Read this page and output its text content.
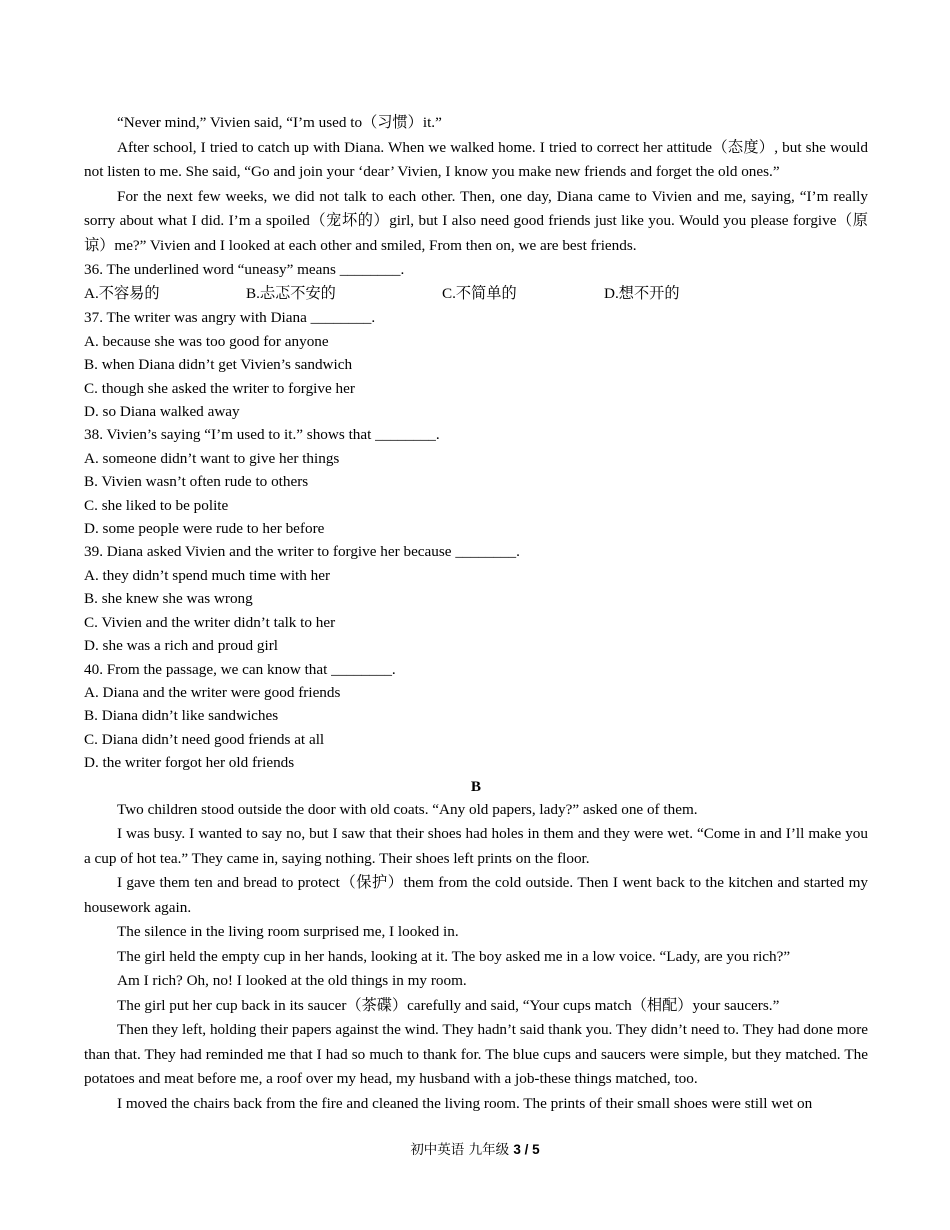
“Never mind,” Vivien said, “I’m used to（习惯）it.”

After school, I tried to catch up with Diana. When we walked home. I tried to correct her attitude（态度）, but she would not listen to me. She said, “Go and join your ‘dear’ Vivien, I know you make new friends and forget the old ones.”

For the next few weeks, we did not talk to each other. Then, one day, Diana came to Vivien and me, saying, “I’m really sorry about what I did. I’m a spoiled（宠坏的）girl, but I also need good friends just like you. Would you please forgive（原谅）me?” Vivien and I looked at each other and smiled, From then on, we are best friends.

36. The underlined word “uneasy” means ________.

A.不容易的	B.忐忑不安的	C.不简单的	D.想不开的

37. The writer was angry with Diana ________.

A. because she was too good for anyone

B. when Diana didn’t get Vivien’s sandwich

C. though she asked the writer to forgive her

D. so Diana walked away

38. Vivien’s saying “I’m used to it.” shows that ________.

A. someone didn’t want to give her things

B. Vivien wasn’t often rude to others

C. she liked to be polite

D. some people were rude to her before

39. Diana asked Vivien and the writer to forgive her because ________.

A. they didn’t spend much time with her

B. she knew she was wrong

C. Vivien and the writer didn’t talk to her

D. she was a rich and proud girl

40. From the passage, we can know that ________.

A. Diana and the writer were good friends

B. Diana didn’t like sandwiches

C. Diana didn’t need good friends at all

D. the writer forgot her old friends

B

Two children stood outside the door with old coats. “Any old papers, lady?” asked one of them.

I was busy. I wanted to say no, but I saw that their shoes had holes in them and they were wet. “Come in and I’ll make you a cup of hot tea.” They came in, saying nothing. Their shoes left prints on the floor.

I gave them ten and bread to protect（保护）them from the cold outside. Then I went back to the kitchen and started my housework again.

The silence in the living room surprised me, I looked in.

The girl held the empty cup in her hands, looking at it. The boy asked me in a low voice. “Lady, are you rich?”

Am I rich? Oh, no! I looked at the old things in my room.

The girl put her cup back in its saucer（茶碟）carefully and said, “Your cups match（相配）your saucers.”

Then they left, holding their papers against the wind. They hadn’t said thank you. They didn’t need to. They had done more than that. They had reminded me that I had so much to thank for. The blue cups and saucers were simple, but they matched. The potatoes and meat before me, a roof over my head, my husband with a job-these things matched, too.

I moved the chairs back from the fire and cleaned the living room. The prints of their small shoes were still wet on

初中英语 九年级 3 / 5
